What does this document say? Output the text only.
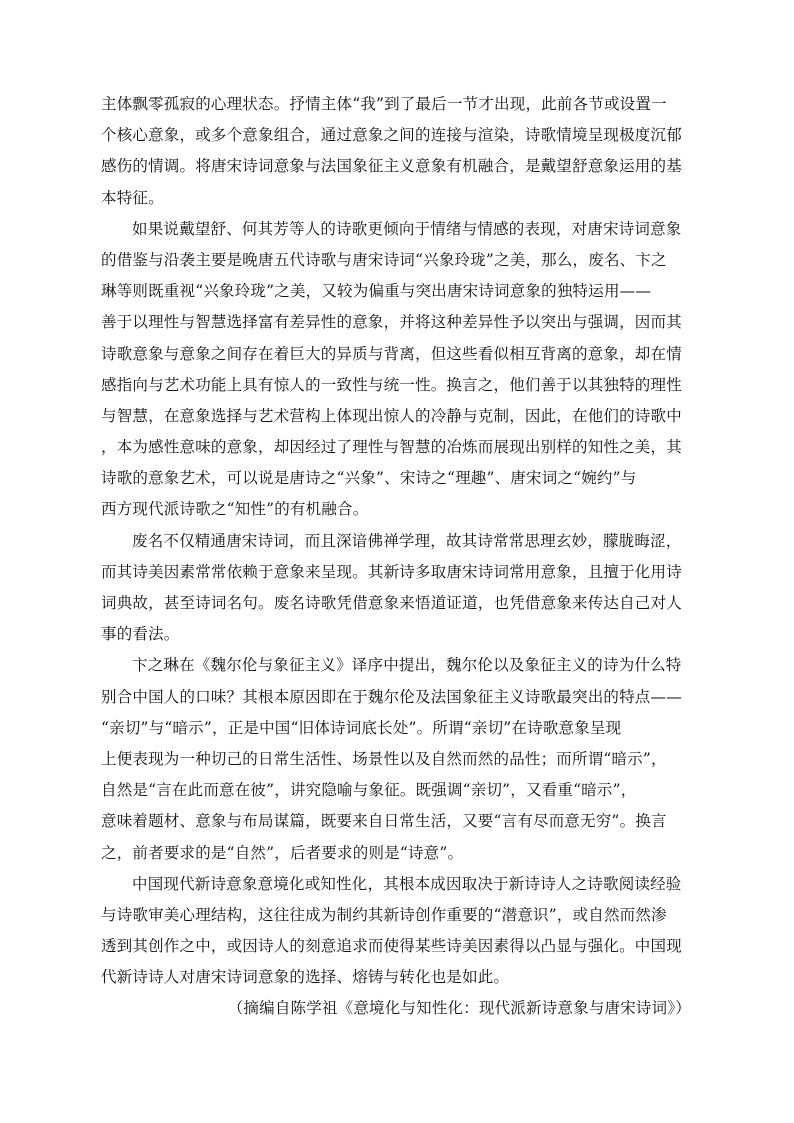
主体飘零孤寂的心理状态。抒情主体“我”到了最后一节才出现，此前各节或设置一
个核心意象，或多个意象组合，通过意象之间的连接与渲染，诗歌情境呈现极度沉郁
感伤的情调。将唐宋诗词意象与法国象征主义意象有机融合，是戴望舒意象运用的基
本特征。
如果说戴望舒、何其芳等人的诗歌更倾向于情绪与情感的表现，对唐宋诗词意象
的借鉴与沿袭主要是晚唐五代诗歌与唐宋诗词“兴象玲珑”之美，那么，废名、卞之
琳等则既重视“兴象玲珑”之美，又较为偏重与突出唐宋诗词意象的独特运用——
善于以理性与智慧选择富有差异性的意象，并将这种差异性予以突出与强调，因而其
诗歌意象与意象之间存在着巨大的异质与背离，但这些看似相互背离的意象，却在情
感指向与艺术功能上具有惊人的一致性与统一性。换言之，他们善于以其独特的理性
与智慧，在意象选择与艺术营构上体现出惊人的冷静与克制，因此，在他们的诗歌中
，本为感性意味的意象，却因经过了理性与智慧的冶炼而展现出别样的知性之美，其
诗歌的意象艺术，可以说是唐诗之“兴象”、宋诗之“理趣”、唐宋词之“婉约”与
西方现代派诗歌之“知性”的有机融合。
废名不仅精通唐宋诗词，而且深谙佛禅学理，故其诗常常思理玄妙，朦胧晦涩，
而其诗美因素常常依赖于意象来呈现。其新诗多取唐宋诗词常用意象，且擅于化用诗
词典故，甚至诗词名句。废名诗歌凭借意象来悟道证道，也凭借意象来传达自己对人
事的看法。
卞之琳在《魏尔伦与象征主义》译序中提出，魏尔伦以及象征主义的诗为什么特
别合中国人的口味？其根本原因即在于魏尔伦及法国象征主义诗歌最突出的特点——
“亲切”与“暗示”，正是中国“旧体诗词底长处”。所谓“亲切”在诗歌意象呈现
上便表现为一种切己的日常生活性、场景性以及自然而然的品性；而所谓“暗示”，
自然是“言在此而意在彼”，讲究隐喻与象征。既强调“亲切”，又看重“暗示”，
意味着题材、意象与布局谋篇，既要来自日常生活，又要“言有尽而意无穷”。换言
之，前者要求的是“自然”，后者要求的则是“诗意”。
中国现代新诗意象意境化或知性化，其根本成因取决于新诗诗人之诗歌阅读经验
与诗歌审美心理结构，这往往成为制约其新诗创作重要的“潜意识”，或自然而然渗
透到其创作之中，或因诗人的刻意追求而使得某些诗美因素得以凸显与强化。中国现
代新诗诗人对唐宋诗词意象的选择、熔铸与转化也是如此。
（摘编自陈学祖《意境化与知性化：现代派新诗意象与唐宋诗词》）
